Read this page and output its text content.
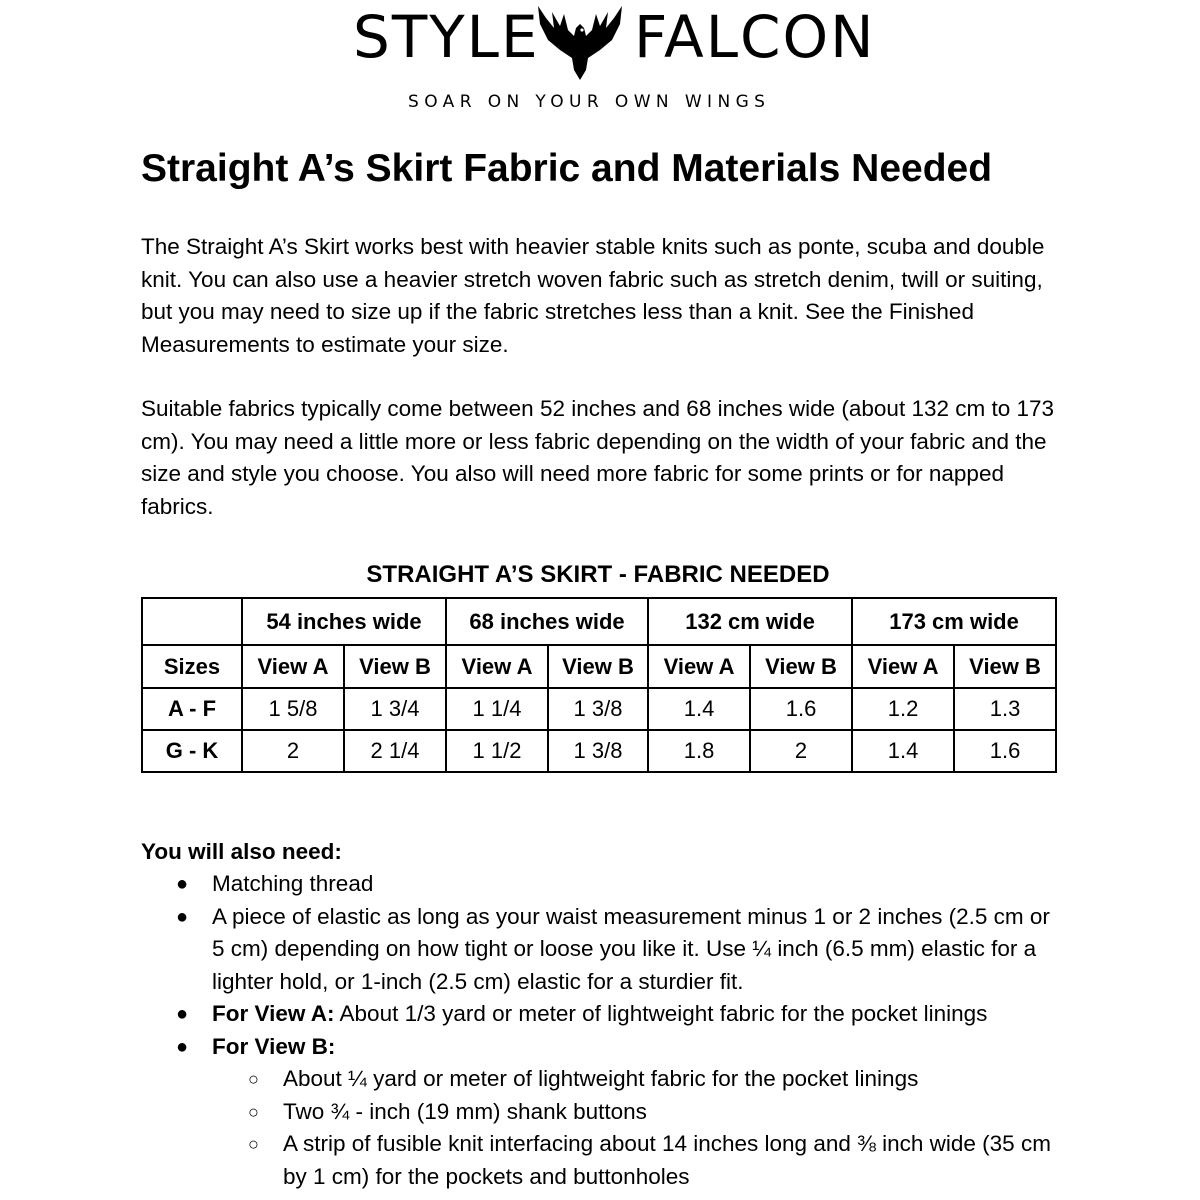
STYLE FALCON
SOAR ON YOUR OWN WINGS
Straight A’s Skirt Fabric and Materials Needed

The Straight A’s Skirt works best with heavier stable knits such as ponte, scuba and double knit. You can also use a heavier stretch woven fabric such as stretch denim, twill or suiting, but you may need to size up if the fabric stretches less than a knit. See the Finished Measurements to estimate your size.

Suitable fabrics typically come between 52 inches and 68 inches wide (about 132 cm to 173 cm). You may need a little more or less fabric depending on the width of your fabric and the size and style you choose. You also will need more fabric for some prints or for napped fabrics.

STRAIGHT A’S SKIRT - FABRIC NEEDED
	54 inches wide		68 inches wide		132 cm wide		173 cm wide	
Sizes	View A	View B	View A	View B	View A	View B	View A	View B
A - F	1 5/8	1 3/4	1 1/4	1 3/8	1.4	1.6	1.2	1.3
G - K	2	2 1/4	1 1/2	1 3/8	1.8	2	1.4	1.6

You will also need:

● Matching thread
● A piece of elastic as long as your waist measurement minus 1 or 2 inches (2.5 cm or 5 cm) depending on how tight or loose you like it. Use ¼ inch (6.5 mm) elastic for a lighter hold, or 1-inch (2.5 cm) elastic for a sturdier fit.
● For View A: About 1/3 yard or meter of lightweight fabric for the pocket linings
● For View B:
○ About ¼ yard or meter of lightweight fabric for the pocket linings
○ Two ¾ - inch (19 mm) shank buttons
○ A strip of fusible knit interfacing about 14 inches long and ⅜ inch wide (35 cm by 1 cm) for the pockets and buttonholes
